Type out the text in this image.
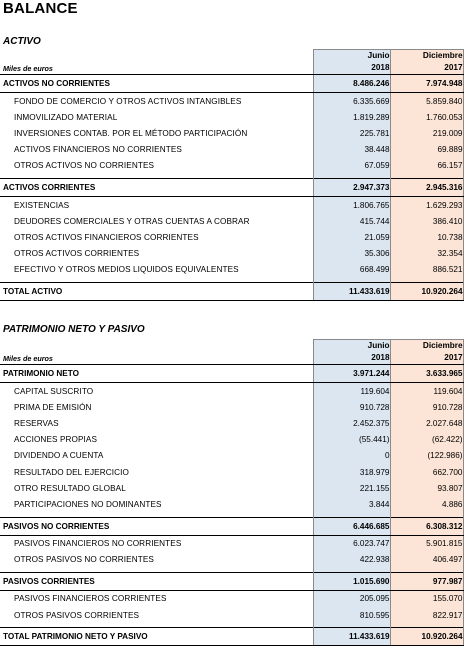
BALANCE
ACTIVO
	Junio	Diciembre
Miles de euros	2018	2017
ACTIVOS NO CORRIENTES	8.486.246	7.974.948
FONDO DE COMERCIO Y OTROS ACTIVOS INTANGIBLES	6.335.669	5.859.840
INMOVILIZADO MATERIAL	1.819.289	1.760.053
INVERSIONES CONTAB. POR EL MÉTODO PARTICIPACIÓN	225.781	219.009
ACTIVOS FINANCIEROS NO CORRIENTES	38.448	69.889
OTROS ACTIVOS NO CORRIENTES	67.059	66.157

ACTIVOS CORRIENTES	2.947.373	2.945.316
EXISTENCIAS	1.806.765	1.629.293
DEUDORES COMERCIALES Y OTRAS CUENTAS A COBRAR	415.744	386.410
OTROS ACTIVOS FINANCIEROS CORRIENTES	21.059	10.738
OTROS ACTIVOS CORRIENTES	35.306	32.354
EFECTIVO Y OTROS MEDIOS LIQUIDOS EQUIVALENTES	668.499	886.521

TOTAL ACTIVO	11.433.619	10.920.264
PATRIMONIO NETO Y PASIVO
	Junio	Diciembre
Miles de euros	2018	2017
PATRIMONIO NETO	3.971.244	3.633.965
CAPITAL SUSCRITO	119.604	119.604
PRIMA DE EMISIÓN	910.728	910.728
RESERVAS	2.452.375	2.027.648
ACCIONES PROPIAS	(55.441)	(62.422)
DIVIDENDO A CUENTA	0	(122.986)
RESULTADO DEL EJERCICIO	318.979	662.700
OTRO RESULTADO GLOBAL	221.155	93.807
PARTICIPACIONES NO DOMINANTES	3.844	4.886

PASIVOS NO CORRIENTES	6.446.685	6.308.312
PASIVOS FINANCIEROS NO CORRIENTES	6.023.747	5.901.815
OTROS PASIVOS NO CORRIENTES	422.938	406.497

PASIVOS CORRIENTES	1.015.690	977.987
PASIVOS FINANCIEROS CORRIENTES	205.095	155.070
OTROS PASIVOS CORRIENTES	810.595	822.917

TOTAL PATRIMONIO NETO Y PASIVO	11.433.619	10.920.264
